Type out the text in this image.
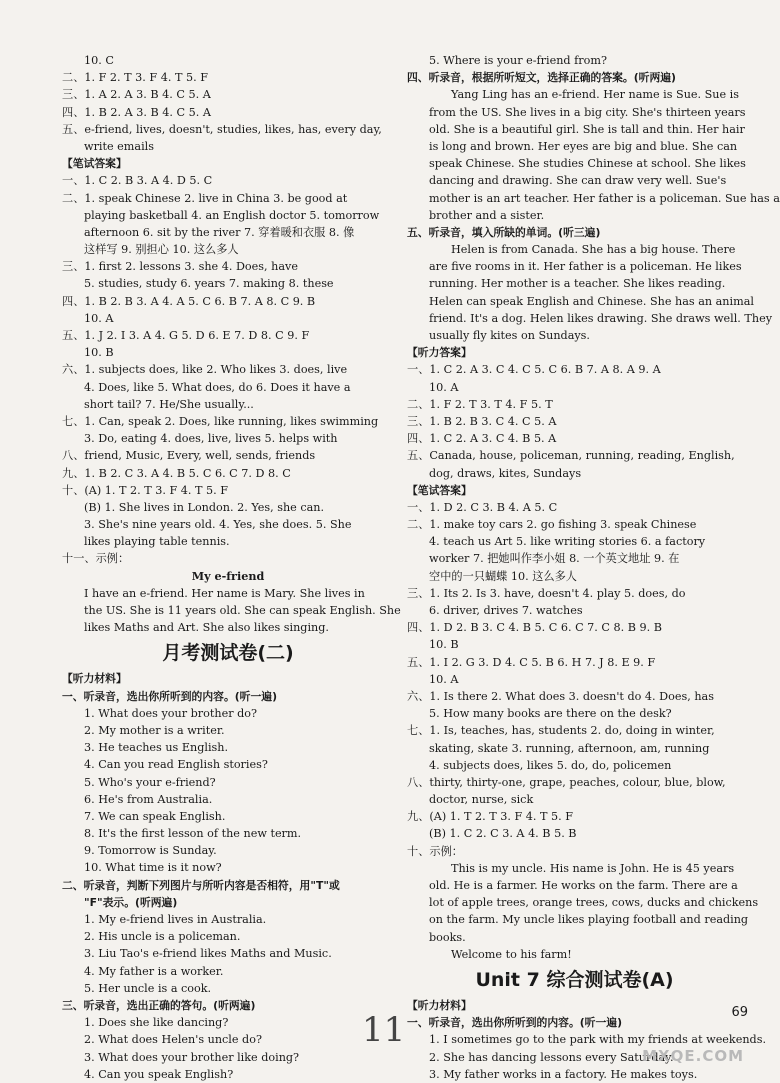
10. C
二、1. F 2. T 3. F 4. T 5. F
三、1. A 2. A 3. B 4. C 5. A
四、1. B 2. A 3. B 4. C 5. A
五、e-friend, lives, doesn't, studies, likes, has, every day,
write emails
【笔试答案】
一、1. C 2. B 3. A 4. D 5. C
二、1. speak Chinese 2. live in China 3. be good at
playing basketball 4. an English doctor 5. tomorrow
afternoon 6. sit by the river 7. 穿着暖和衣服 8. 像
这样写 9. 别担心 10. 这么多人
三、1. first 2. lessons 3. she 4. Does, have
5. studies, study 6. years 7. making 8. these
四、1. B 2. B 3. A 4. A 5. C 6. B 7. A 8. C 9. B
10. A
五、1. J 2. I 3. A 4. G 5. D 6. E 7. D 8. C 9. F
10. B
六、1. subjects does, like 2. Who likes 3. does, live
4. Does, like 5. What does, do 6. Does it have a
short tail? 7. He/She usually...
七、1. Can, speak 2. Does, like running, likes swimming
3. Do, eating 4. does, live, lives 5. helps with
八、friend, Music, Every, well, sends, friends
九、1. B 2. C 3. A 4. B 5. C 6. C 7. D 8. C
十、(A) 1. T 2. T 3. F 4. T 5. F
(B) 1. She lives in London. 2. Yes, she can.
3. She's nine years old. 4. Yes, she does. 5. She
likes playing table tennis.
十一、示例：
My e-friend
I have an e-friend. Her name is Mary. She lives in
the US. She is 11 years old. She can speak English. She
likes Maths and Art. She also likes singing.
月考测试卷(二)
【听力材料】
一、听录音，选出你所听到的内容。(听一遍)
1. What does your brother do?
2. My mother is a writer.
3. He teaches us English.
4. Can you read English stories?
5. Who's your e-friend?
6. He's from Australia.
7. We can speak English.
8. It's the first lesson of the new term.
9. Tomorrow is Sunday.
10. What time is it now?
二、听录音，判断下列图片与所听内容是否相符，用"T"或
"F"表示。(听两遍)
1. My e-friend lives in Australia.
2. His uncle is a policeman.
3. Liu Tao's e-friend likes Maths and Music.
4. My father is a worker.
5. Her uncle is a cook.
三、听录音，选出正确的答句。(听两遍)
1. Does she like dancing?
2. What does Helen's uncle do?
3. What does your brother like doing?
4. Can you speak English?
5. Where is your e-friend from?
四、听录音，根据所听短文，选择正确的答案。(听两遍)
Yang Ling has an e-friend. Her name is Sue. Sue is
from the US. She lives in a big city. She's thirteen years
old. She is a beautiful girl. She is tall and thin. Her hair
is long and brown. Her eyes are big and blue. She can
speak Chinese. She studies Chinese at school. She likes
dancing and drawing. She can draw very well. Sue's
mother is an art teacher. Her father is a policeman. Sue has a
brother and a sister.
五、听录音，填入所缺的单词。(听三遍)
Helen is from Canada. She has a big house. There
are five rooms in it. Her father is a policeman. He likes
running. Her mother is a teacher. She likes reading.
Helen can speak English and Chinese. She has an animal
friend. It's a dog. Helen likes drawing. She draws well. They
usually fly kites on Sundays.
【听力答案】
一、1. C 2. A 3. C 4. C 5. C 6. B 7. A 8. A 9. A
10. A
二、1. F 2. T 3. T 4. F 5. T
三、1. B 2. B 3. C 4. C 5. A
四、1. C 2. A 3. C 4. B 5. A
五、Canada, house, policeman, running, reading, English,
dog, draws, kites, Sundays
【笔试答案】
一、1. D 2. C 3. B 4. A 5. C
二、1. make toy cars 2. go fishing 3. speak Chinese
4. teach us Art 5. like writing stories 6. a factory
worker 7. 把她叫作李小姐 8. 一个英文地址 9. 在
空中的一只蝴蝶 10. 这么多人
三、1. Its 2. Is 3. have, doesn't 4. play 5. does, do
6. driver, drives 7. watches
四、1. D 2. B 3. C 4. B 5. C 6. C 7. C 8. B 9. B
10. B
五、1. I 2. G 3. D 4. C 5. B 6. H 7. J 8. E 9. F
10. A
六、1. Is there 2. What does 3. doesn't do 4. Does, has
5. How many books are there on the desk?
七、1. Is, teaches, has, students 2. do, doing in winter,
skating, skate 3. running, afternoon, am, running
4. subjects does, likes 5. do, do, policemen
八、thirty, thirty-one, grape, peaches, colour, blue, blow,
doctor, nurse, sick
九、(A) 1. T 2. T 3. F 4. T 5. F
(B) 1. C 2. C 3. A 4. B 5. B
十、示例：
This is my uncle. His name is John. He is 45 years
old. He is a farmer. He works on the farm. There are a
lot of apple trees, orange trees, cows, ducks and chickens
on the farm. My uncle likes playing football and reading
books.
Welcome to his farm!
Unit 7 综合测试卷(A)
【听力材料】
一、听录音，选出你所听到的内容。(听一遍)
1. I sometimes go to the park with my friends at weekends.
2. She has dancing lessons every Saturday.
3. My father works in a factory. He makes toys.
11	69
MXQE.COM
